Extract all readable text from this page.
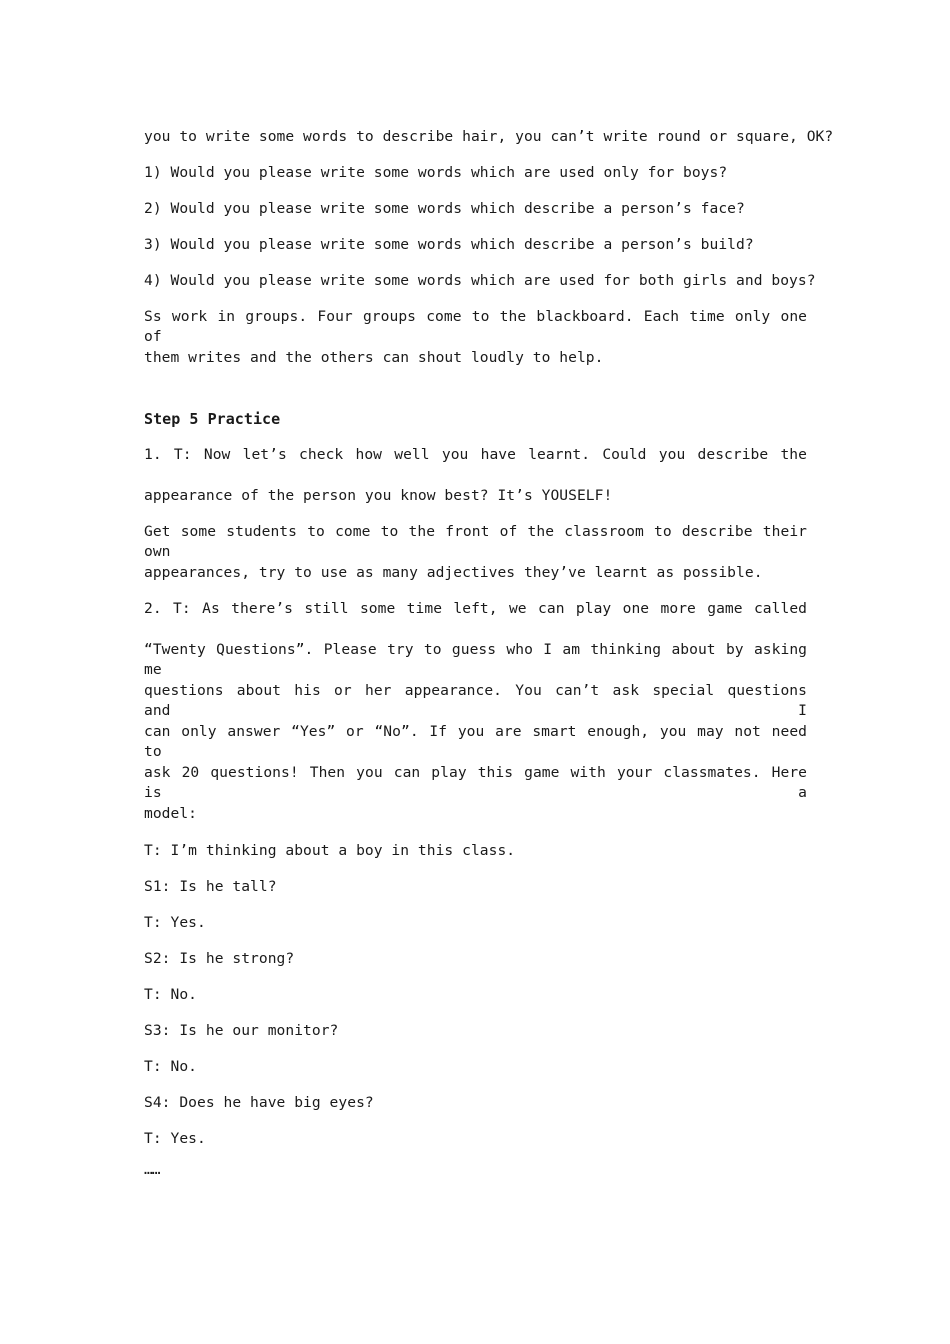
you to write some words to describe hair, you can’t write round or square, OK?
1) Would you please write some words which are used only for boys?
2) Would you please write some words which describe a person’s face?
3) Would you please write some words which describe a person’s build?
4) Would you please write some words which are used for both girls and boys?
Ss work in groups. Four groups come to the blackboard. Each time only one of
them writes and the others can shout loudly to help.
Step 5 Practice
1. T: Now let’s check how well you have learnt. Could you describe the
appearance of the person you know best? It’s YOUSELF!
Get some students to come to the front of the classroom to describe their own
appearances, try to use as many adjectives they’ve learnt as possible.
2. T: As there’s still some time left, we can play one more game called
“Twenty Questions”. Please try to guess who I am thinking about by asking me
questions about his or her appearance. You can’t ask special questions and I
can only answer “Yes” or “No”. If you are smart enough, you may not need to
ask 20 questions! Then you can play this game with your classmates. Here is a
model:
T: I’m thinking about a boy in this class.
S1: Is he tall?
T: Yes.
S2: Is he strong?
T: No.
S3: Is he our monitor?
T: No.
S4: Does he have big eyes?
T: Yes.
……
